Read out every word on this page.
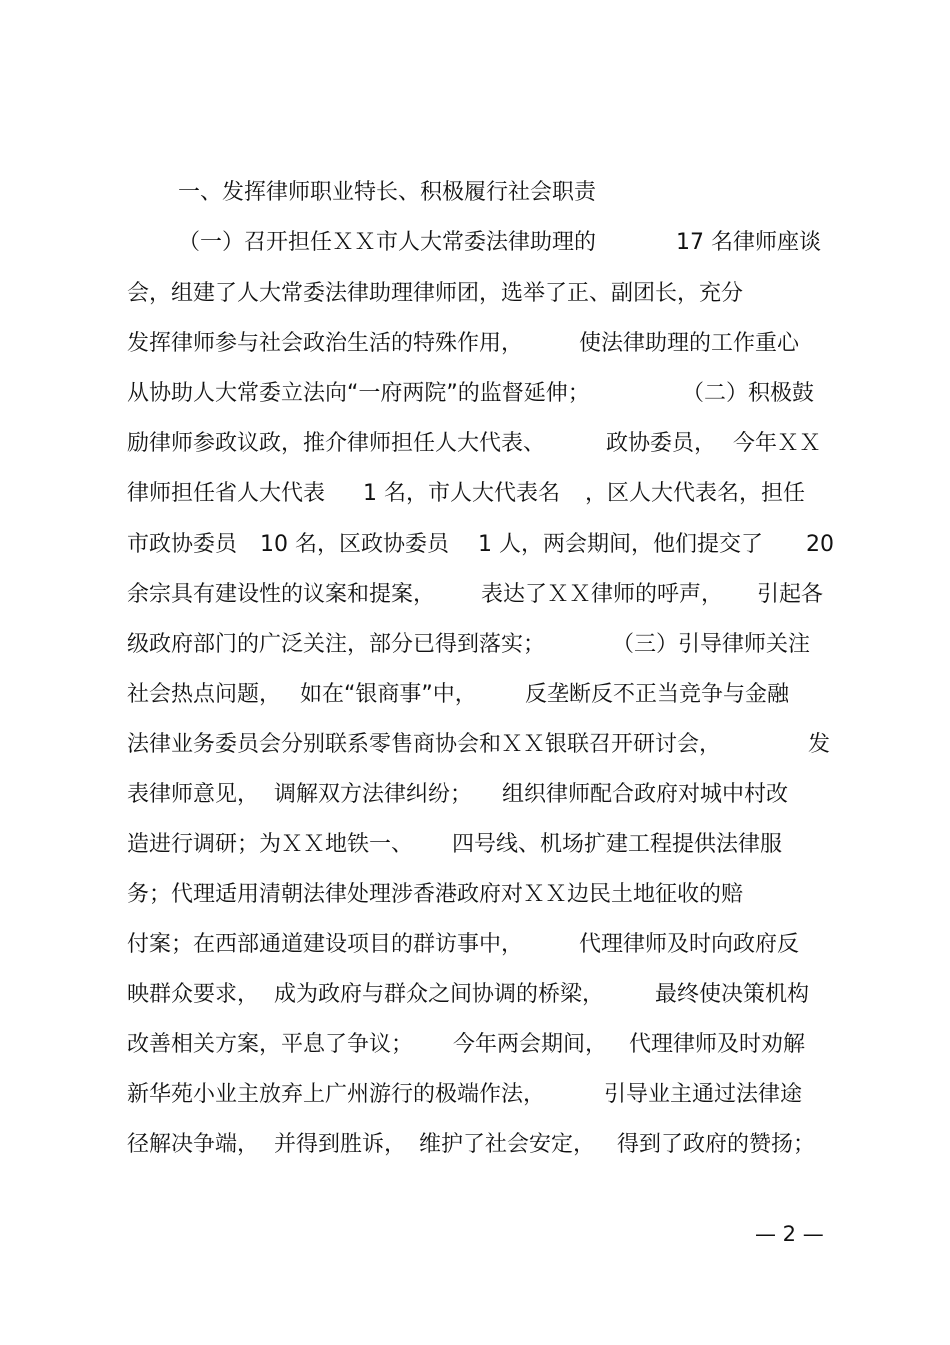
一、发挥律师职业特长、积极履行社会职责
（一）召开担任ＸＸ市人大常委法律助理的	17 名律师座谈
会，组建了人大常委法律助理律师团，选举了正、副团长，充分
发挥律师参与社会政治生活的特殊作用，	使法律助理的工作重心
从协助人大常委立法向“一府两院”的监督延伸；	（二）积极鼓
励律师参政议政，推介律师担任人大代表、	政协委员， 今年ＸＸ
律师担任省人大代表 1 名，市人大代表名 ，区人大代表名，担任
市政协委员 10 名，区政协委员 1 人，两会期间，他们提交了 20
余宗具有建设性的议案和提案， 表达了ＸＸ律师的呼声， 引起各
级政府部门的广泛关注，部分已得到落实；	（三）引导律师关注
社会热点问题， 如在“银商事”中， 反垄断反不正当竞争与金融
法律业务委员会分别联系零售商协会和ＸＸ银联召开研讨会，	发
表律师意见， 调解双方法律纠纷； 组织律师配合政府对城中村改
造进行调研；为ＸＸ地铁一、 四号线、机场扩建工程提供法律服
务；代理适用清朝法律处理涉香港政府对ＸＸ边民土地征收的赔
付案；在西部通道建设项目的群访事中，	代理律师及时向政府反
映群众要求， 成为政府与群众之间协调的桥梁， 最终使决策机构
改善相关方案，平息了争议； 今年两会期间， 代理律师及时劝解
新华苑小业主放弃上广州游行的极端作法，	引导业主通过法律途
径解决争端， 并得到胜诉， 维护了社会安定， 得到了政府的赞扬；
— 2 —
